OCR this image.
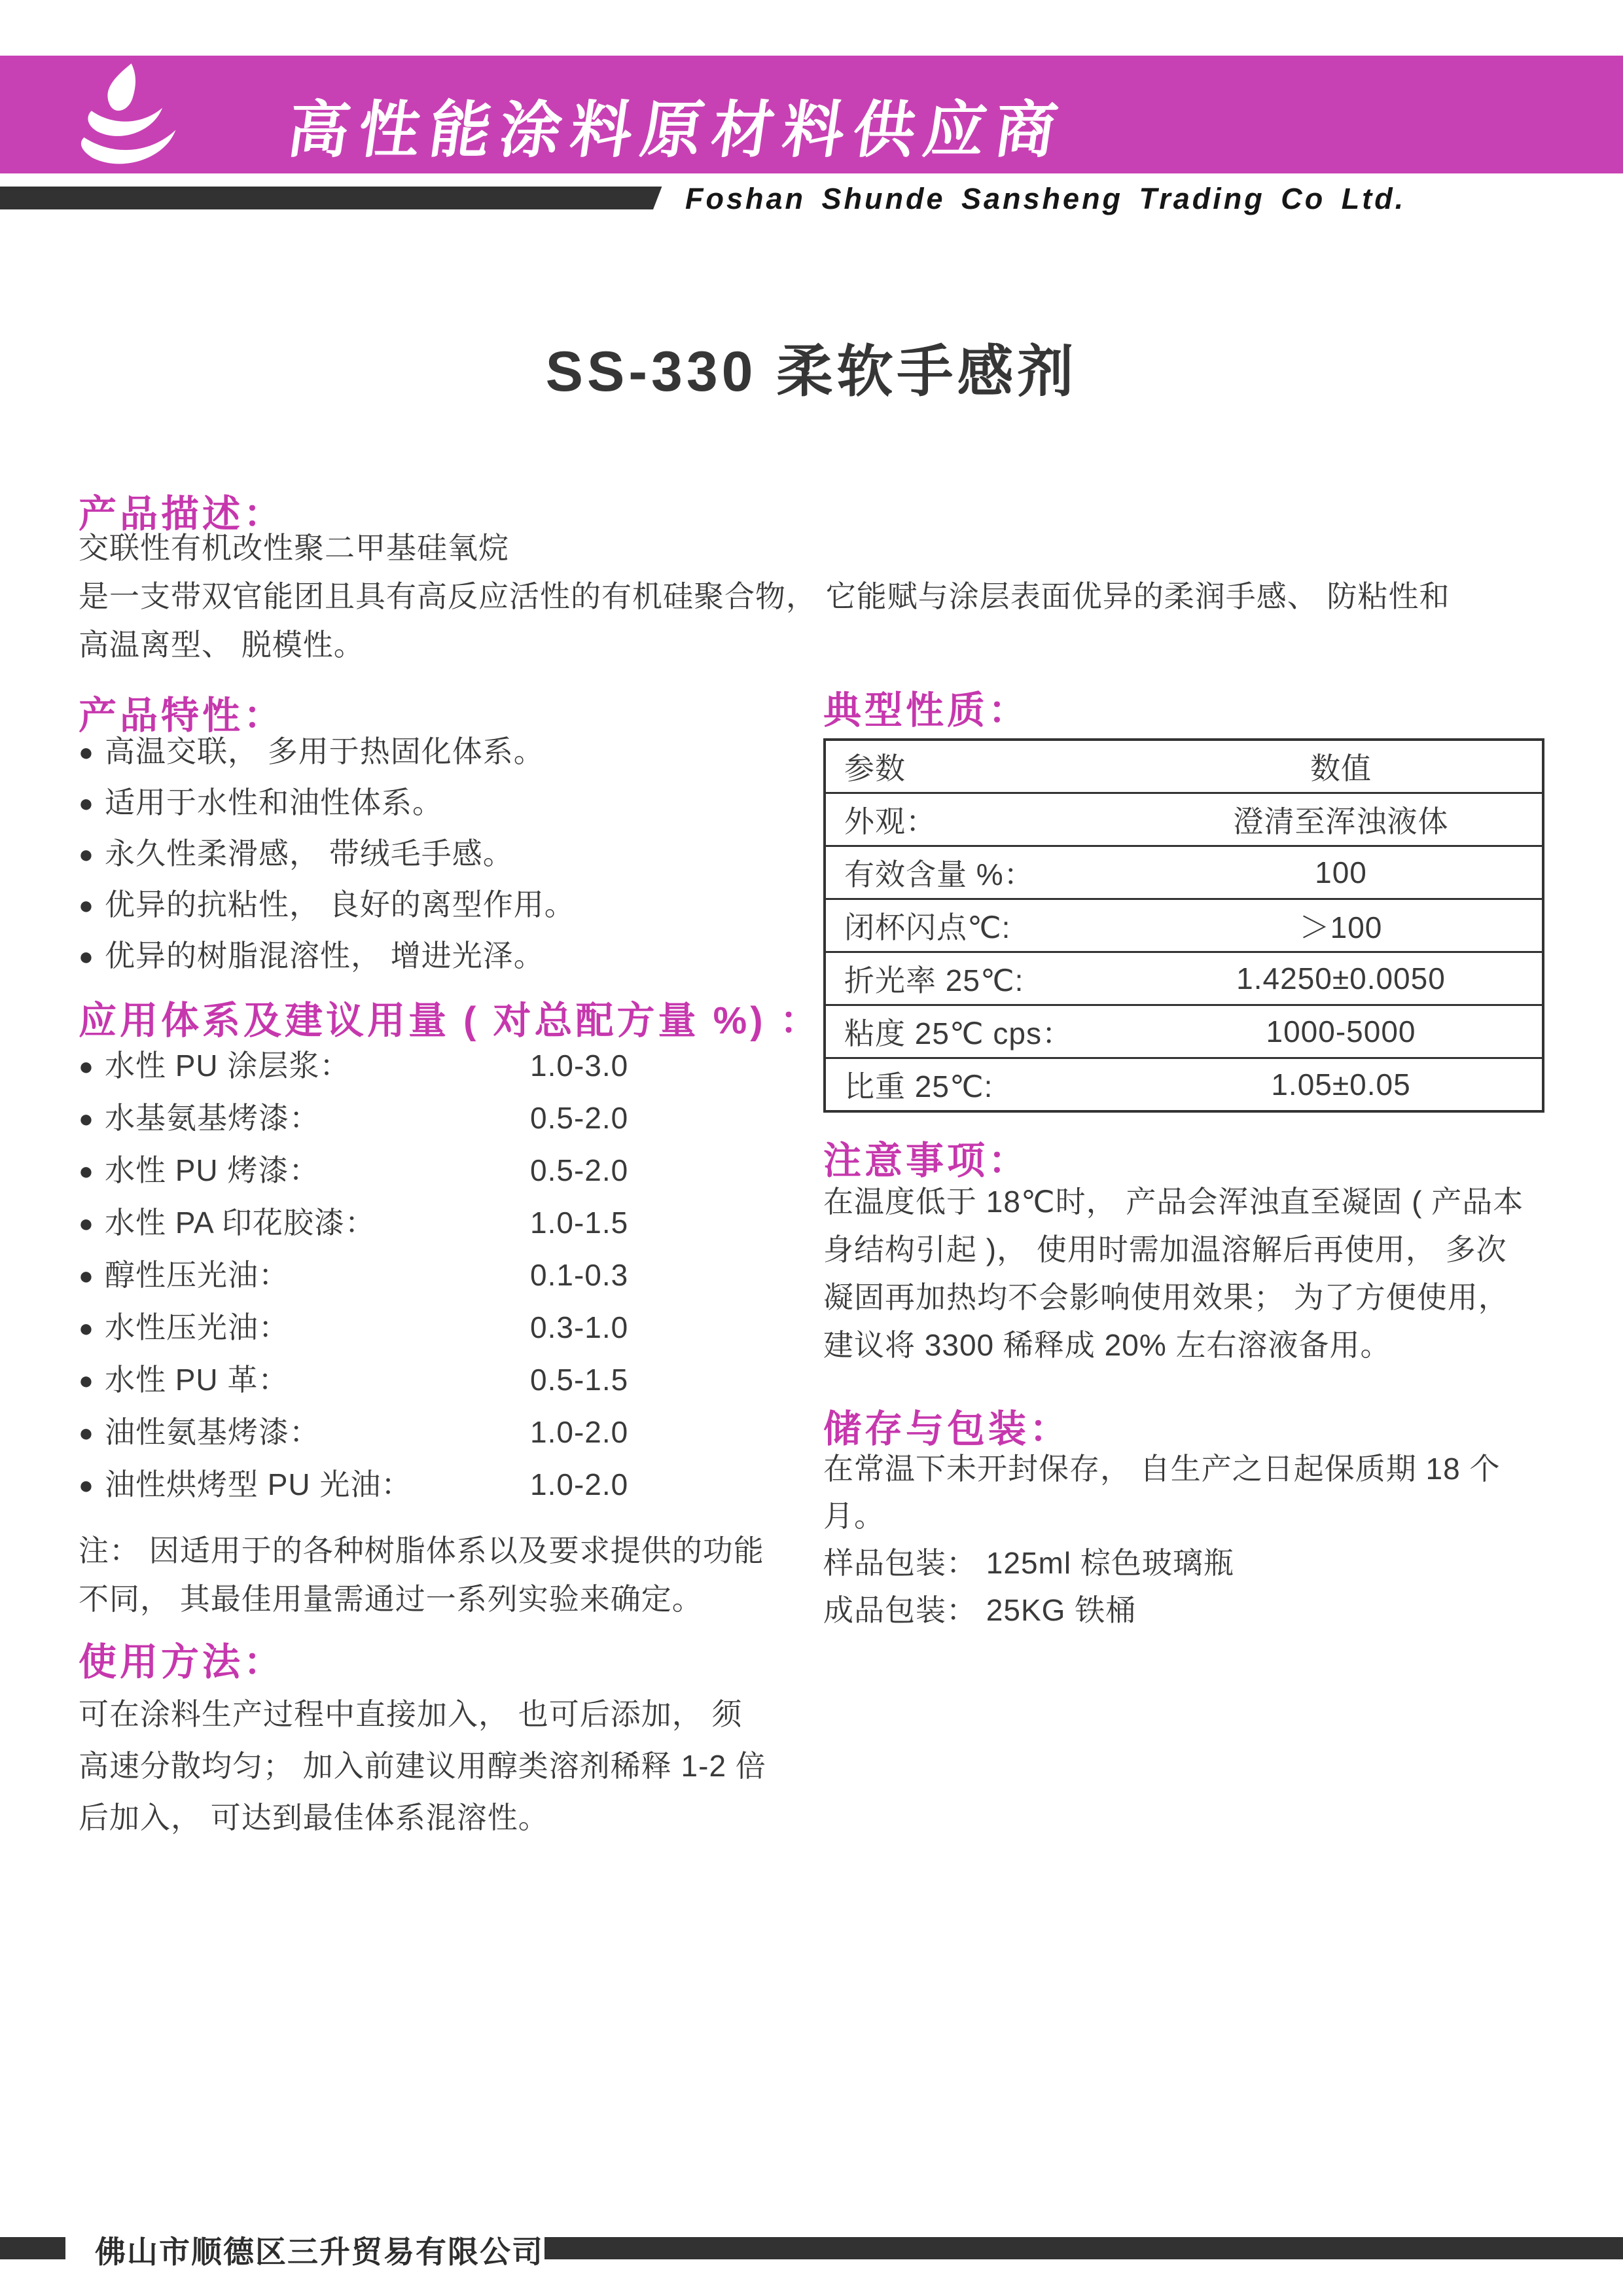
高性能涂料原材料供应商
Foshan Shunde Sansheng Trading Co Ltd.
SS-330 柔软手感剂
产品描述：
交联性有机改性聚二甲基硅氧烷
是一支带双官能团且具有高反应活性的有机硅聚合物， 它能赋与涂层表面优异的柔润手感、 防粘性和
高温离型、 脱模性。
产品特性：
● 高温交联， 多用于热固化体系。
● 适用于水性和油性体系。
● 永久性柔滑感， 带绒毛手感。
● 优异的抗粘性， 良好的离型作用。
● 优异的树脂混溶性， 增进光泽。
应用体系及建议用量 ( 对总配方量 %) ：
● 水性 PU 涂层浆：	1.0-3.0
● 水基氨基烤漆：	0.5-2.0
● 水性 PU 烤漆：	0.5-2.0
● 水性 PA 印花胶漆：	1.0-1.5
● 醇性压光油：	0.1-0.3
● 水性压光油：	0.3-1.0
● 水性 PU 革：	0.5-1.5
● 油性氨基烤漆：	1.0-2.0
● 油性烘烤型 PU 光油：	1.0-2.0
注： 因适用于的各种树脂体系以及要求提供的功能
不同， 其最佳用量需通过一系列实验来确定。
使用方法：
可在涂料生产过程中直接加入， 也可后添加， 须
高速分散均匀； 加入前建议用醇类溶剂稀释 1-2 倍
后加入， 可达到最佳体系混溶性。
典型性质：
参数	数值
外观：	澄清至浑浊液体
有效含量 %：	100
闭杯闪点℃:	＞100
折光率 25℃:	1.4250±0.0050
粘度 25℃ cps：	1000-5000
比重 25℃:	1.05±0.05
注意事项：
在温度低于 18℃时， 产品会浑浊直至凝固 ( 产品本
身结构引起 )， 使用时需加温溶解后再使用， 多次
凝固再加热均不会影响使用效果； 为了方便使用，
建议将 3300 稀释成 20% 左右溶液备用。
储存与包装：
在常温下未开封保存， 自生产之日起保质期 18 个
月。
样品包装： 125ml 棕色玻璃瓶
成品包装： 25KG 铁桶
佛山市顺德区三升贸易有限公司
